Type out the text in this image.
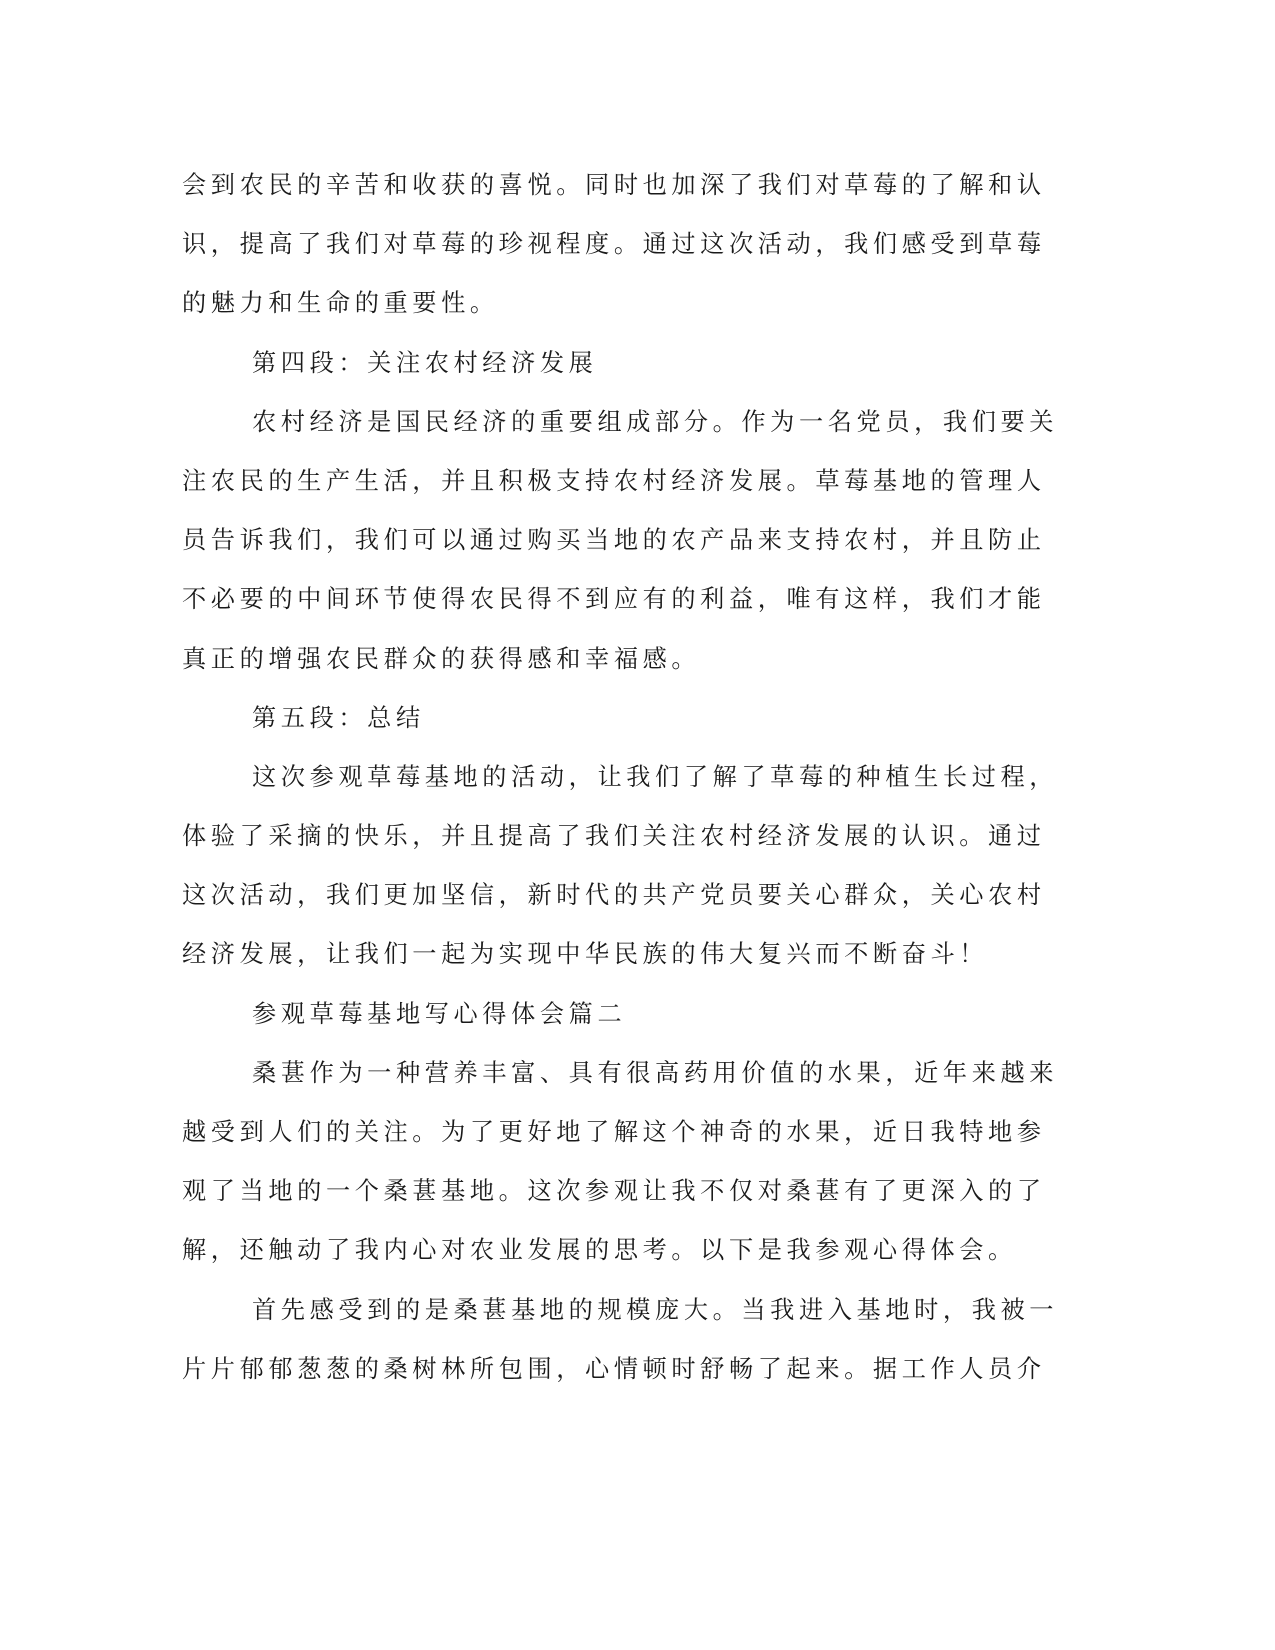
会到农民的辛苦和收获的喜悦。同时也加深了我们对草莓的了解和认
识，提高了我们对草莓的珍视程度。通过这次活动，我们感受到草莓
的魅力和生命的重要性。
第四段：关注农村经济发展
农村经济是国民经济的重要组成部分。作为一名党员，我们要关
注农民的生产生活，并且积极支持农村经济发展。草莓基地的管理人
员告诉我们，我们可以通过购买当地的农产品来支持农村，并且防止
不必要的中间环节使得农民得不到应有的利益，唯有这样，我们才能
真正的增强农民群众的获得感和幸福感。
第五段：总结
这次参观草莓基地的活动，让我们了解了草莓的种植生长过程，
体验了采摘的快乐，并且提高了我们关注农村经济发展的认识。通过
这次活动，我们更加坚信，新时代的共产党员要关心群众，关心农村
经济发展，让我们一起为实现中华民族的伟大复兴而不断奋斗！
参观草莓基地写心得体会篇二
桑葚作为一种营养丰富、具有很高药用价值的水果，近年来越来
越受到人们的关注。为了更好地了解这个神奇的水果，近日我特地参
观了当地的一个桑葚基地。这次参观让我不仅对桑葚有了更深入的了
解，还触动了我内心对农业发展的思考。以下是我参观心得体会。
首先感受到的是桑葚基地的规模庞大。当我进入基地时，我被一
片片郁郁葱葱的桑树林所包围，心情顿时舒畅了起来。据工作人员介
